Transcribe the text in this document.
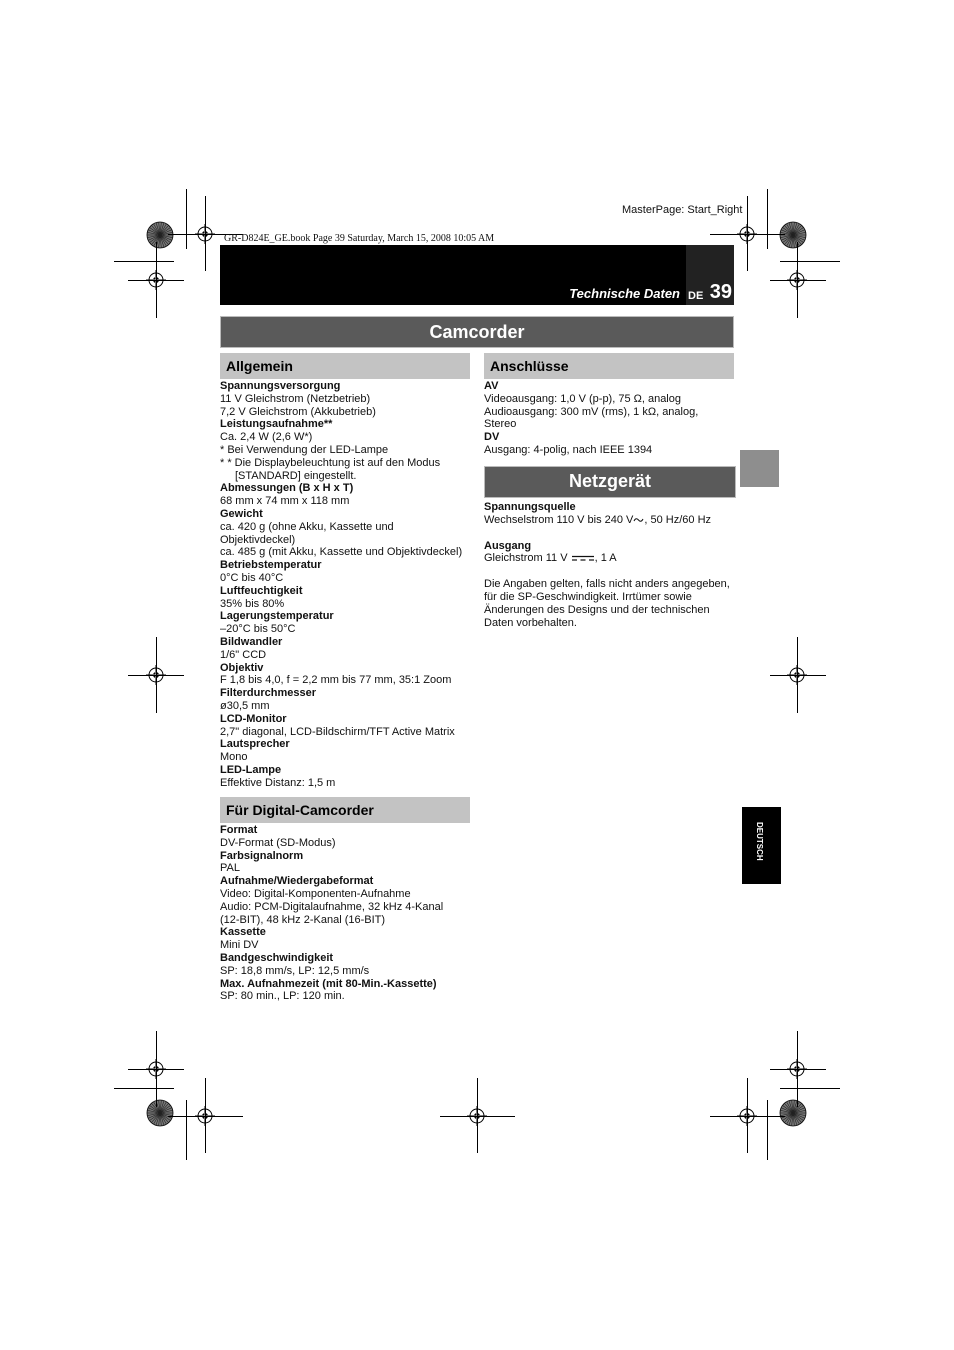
MasterPage: Start_Right
GR-D824E_GE.book Page 39 Saturday, March 15, 2008 10:05 AM
Technische Daten DE 39
Camcorder
Allgemein
Spannungsversorgung
11 V Gleichstrom (Netzbetrieb)
7,2 V Gleichstrom (Akkubetrieb)
Leistungsaufnahme**
Ca. 2,4 W (2,6 W*)
* Bei Verwendung der LED-Lampe
* * Die Displaybeleuchtung ist auf den Modus
[STANDARD] eingestellt.
Abmessungen (B x H x T)
68 mm x 74 mm x 118 mm
Gewicht
ca. 420 g (ohne Akku, Kassette und
Objektivdeckel)
ca. 485 g (mit Akku, Kassette und Objektivdeckel)
Betriebstemperatur
0°C bis 40°C
Luftfeuchtigkeit
35% bis 80%
Lagerungstemperatur
–20°C bis 50°C
Bildwandler
1/6" CCD
Objektiv
F 1,8 bis 4,0, f = 2,2 mm bis 77 mm, 35:1 Zoom
Filterdurchmesser
ø30,5 mm
LCD-Monitor
2,7" diagonal, LCD-Bildschirm/TFT Active Matrix
Lautsprecher
Mono
LED-Lampe
Effektive Distanz: 1,5 m
Für Digital-Camcorder
Format
DV-Format (SD-Modus)
Farbsignalnorm
PAL
Aufnahme/Wiedergabeformat
Video: Digital-Komponenten-Aufnahme
Audio: PCM-Digitalaufnahme, 32 kHz 4-Kanal
(12-BIT), 48 kHz 2-Kanal (16-BIT)
Kassette
Mini DV
Bandgeschwindigkeit
SP: 18,8 mm/s, LP: 12,5 mm/s
Max. Aufnahmezeit (mit 80-Min.-Kassette)
SP: 80 min., LP: 120 min.
Anschlüsse
AV
Videoausgang: 1,0 V (p-p), 75 Ω, analog
Audioausgang: 300 mV (rms), 1 kΩ, analog,
Stereo
DV
Ausgang: 4-polig, nach IEEE 1394
Netzgerät
Spannungsquelle
Wechselstrom 110 V bis 240 V , 50 Hz/60 Hz
Ausgang
Gleichstrom 11 V , 1 A
Die Angaben gelten, falls nicht anders angegeben,
für die SP-Geschwindigkeit. Irrtümer sowie
Änderungen des Designs und der technischen
Daten vorbehalten.
DEUTSCH
